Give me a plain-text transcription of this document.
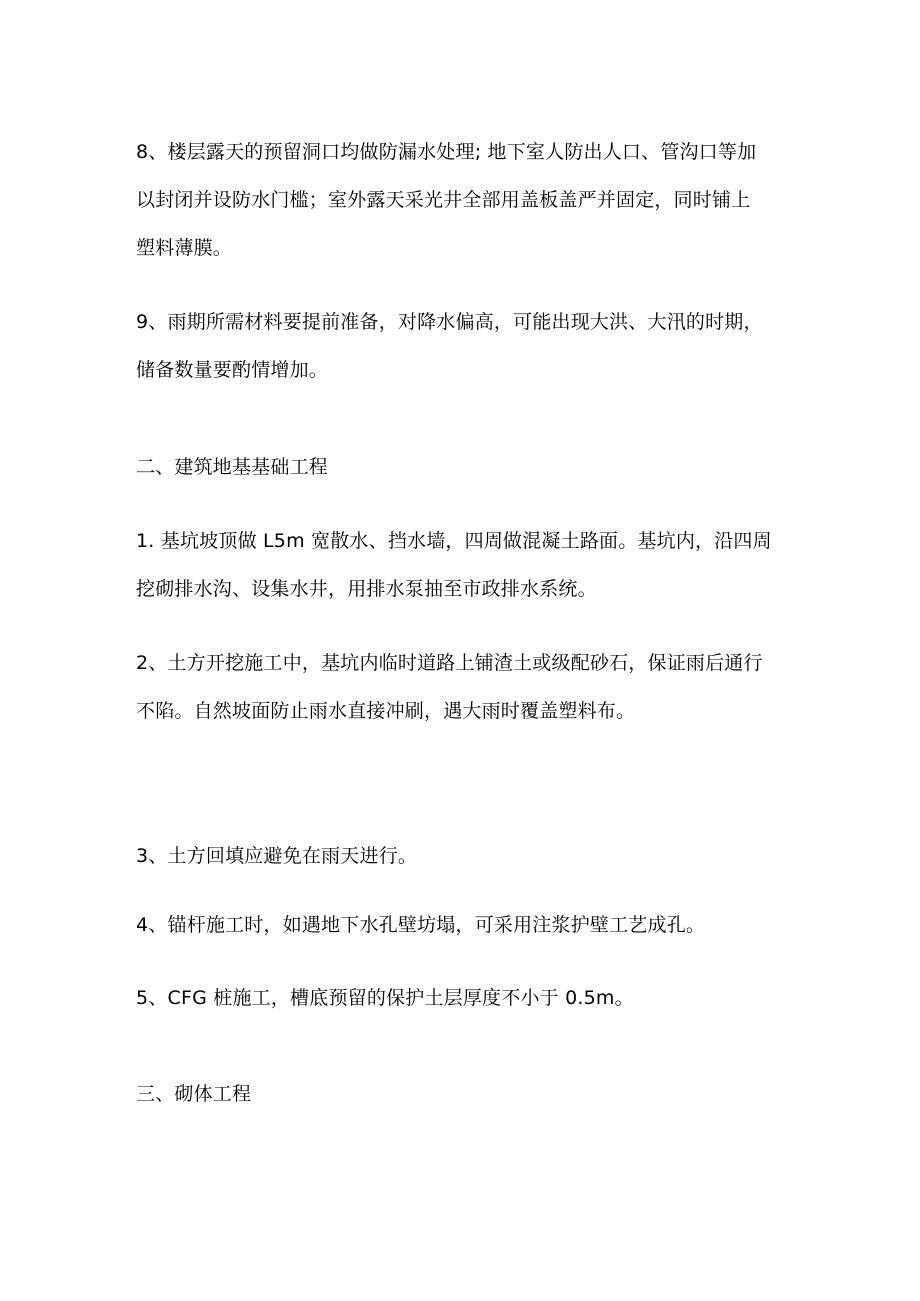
8、楼层露天的预留洞口均做防漏水处理; 地下室人防出人口、管沟口等加

以封闭并设防水门槛；室外露天采光井全部用盖板盖严并固定，同时铺上

塑料薄膜。

9、雨期所需材料要提前准备，对降水偏高，可能出现大洪、大汛的时期，

储备数量要酌情增加。

二、建筑地基基础工程

1. 基坑坡顶做 L5m 宽散水、挡水墙，四周做混凝土路面。基坑内，沿四周

挖砌排水沟、设集水井，用排水泵抽至市政排水系统。

2、土方开挖施工中，基坑内临时道路上铺渣土或级配砂石，保证雨后通行

不陷。自然坡面防止雨水直接冲刷，遇大雨时覆盖塑料布。

3、土方回填应避免在雨天进行。

4、锚杆施工时，如遇地下水孔壁坊塌，可采用注浆护壁工艺成孔。

5、CFG 桩施工，槽底预留的保护土层厚度不小于 0.5m。

三、砌体工程
